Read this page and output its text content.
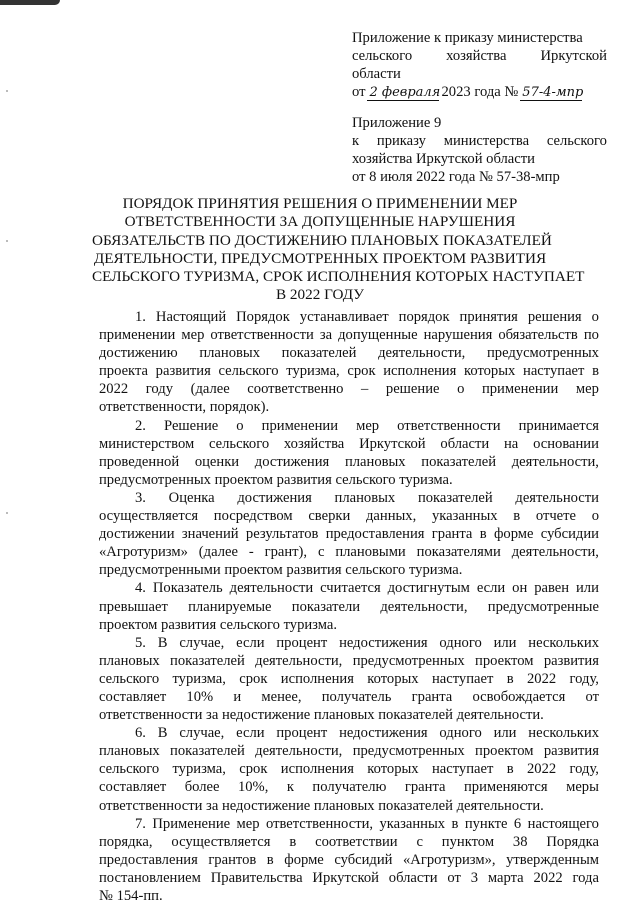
Приложение к приказу министерства
сельского хозяйства Иркутской
области
от 2 февраля 2023 года № 57-4-мпр
Приложение 9
к приказу министерства сельского
хозяйства Иркутской области
от 8 июля 2022 года № 57-38-мпр
ПОРЯДОК ПРИНЯТИЯ РЕШЕНИЯ О ПРИМЕНЕНИИ МЕР
ОТВЕТСТВЕННОСТИ ЗА ДОПУЩЕННЫЕ НАРУШЕНИЯ
ОБЯЗАТЕЛЬСТВ ПО ДОСТИЖЕНИЮ ПЛАНОВЫХ ПОКАЗАТЕЛЕЙ
ДЕЯТЕЛЬНОСТИ, ПРЕДУСМОТРЕННЫХ ПРОЕКТОМ РАЗВИТИЯ
СЕЛЬСКОГО ТУРИЗМА, СРОК ИСПОЛНЕНИЯ КОТОРЫХ НАСТУПАЕТ
В 2022 ГОДУ
1. Настоящий Порядок устанавливает порядок принятия решения о
применении мер ответственности за допущенные нарушения обязательств по
достижению плановых показателей деятельности, предусмотренных
проекта развития сельского туризма, срок исполнения которых наступает в
2022 году (далее соответственно – решение о применении мер
ответственности, порядок).
2. Решение о применении мер ответственности принимается
министерством сельского хозяйства Иркутской области на основании
проведенной оценки достижения плановых показателей деятельности,
предусмотренных проектом развития сельского туризма.
3. Оценка достижения плановых показателей деятельности
осуществляется посредством сверки данных, указанных в отчете о
достижении значений результатов предоставления гранта в форме субсидии
«Агротуризм» (далее - грант), с плановыми показателями деятельности,
предусмотренными проектом развития сельского туризма.
4. Показатель деятельности считается достигнутым если он равен или
превышает планируемые показатели деятельности, предусмотренные
проектом развития сельского туризма.
5. В случае, если процент недостижения одного или нескольких
плановых показателей деятельности, предусмотренных проектом развития
сельского туризма, срок исполнения которых наступает в 2022 году,
составляет 10% и менее, получатель гранта освобождается от
ответственности за недостижение плановых показателей деятельности.
6. В случае, если процент недостижения одного или нескольких
плановых показателей деятельности, предусмотренных проектом развития
сельского туризма, срок исполнения которых наступает в 2022 году,
составляет более 10%, к получателю гранта применяются меры
ответственности за недостижение плановых показателей деятельности.
7. Применение мер ответственности, указанных в пункте 6 настоящего
порядка, осуществляется в соответствии с пунктом 38 Порядка
предоставления грантов в форме субсидий «Агротуризм», утвержденным
постановлением Правительства Иркутской области от 3 марта 2022 года
№ 154-пп.
